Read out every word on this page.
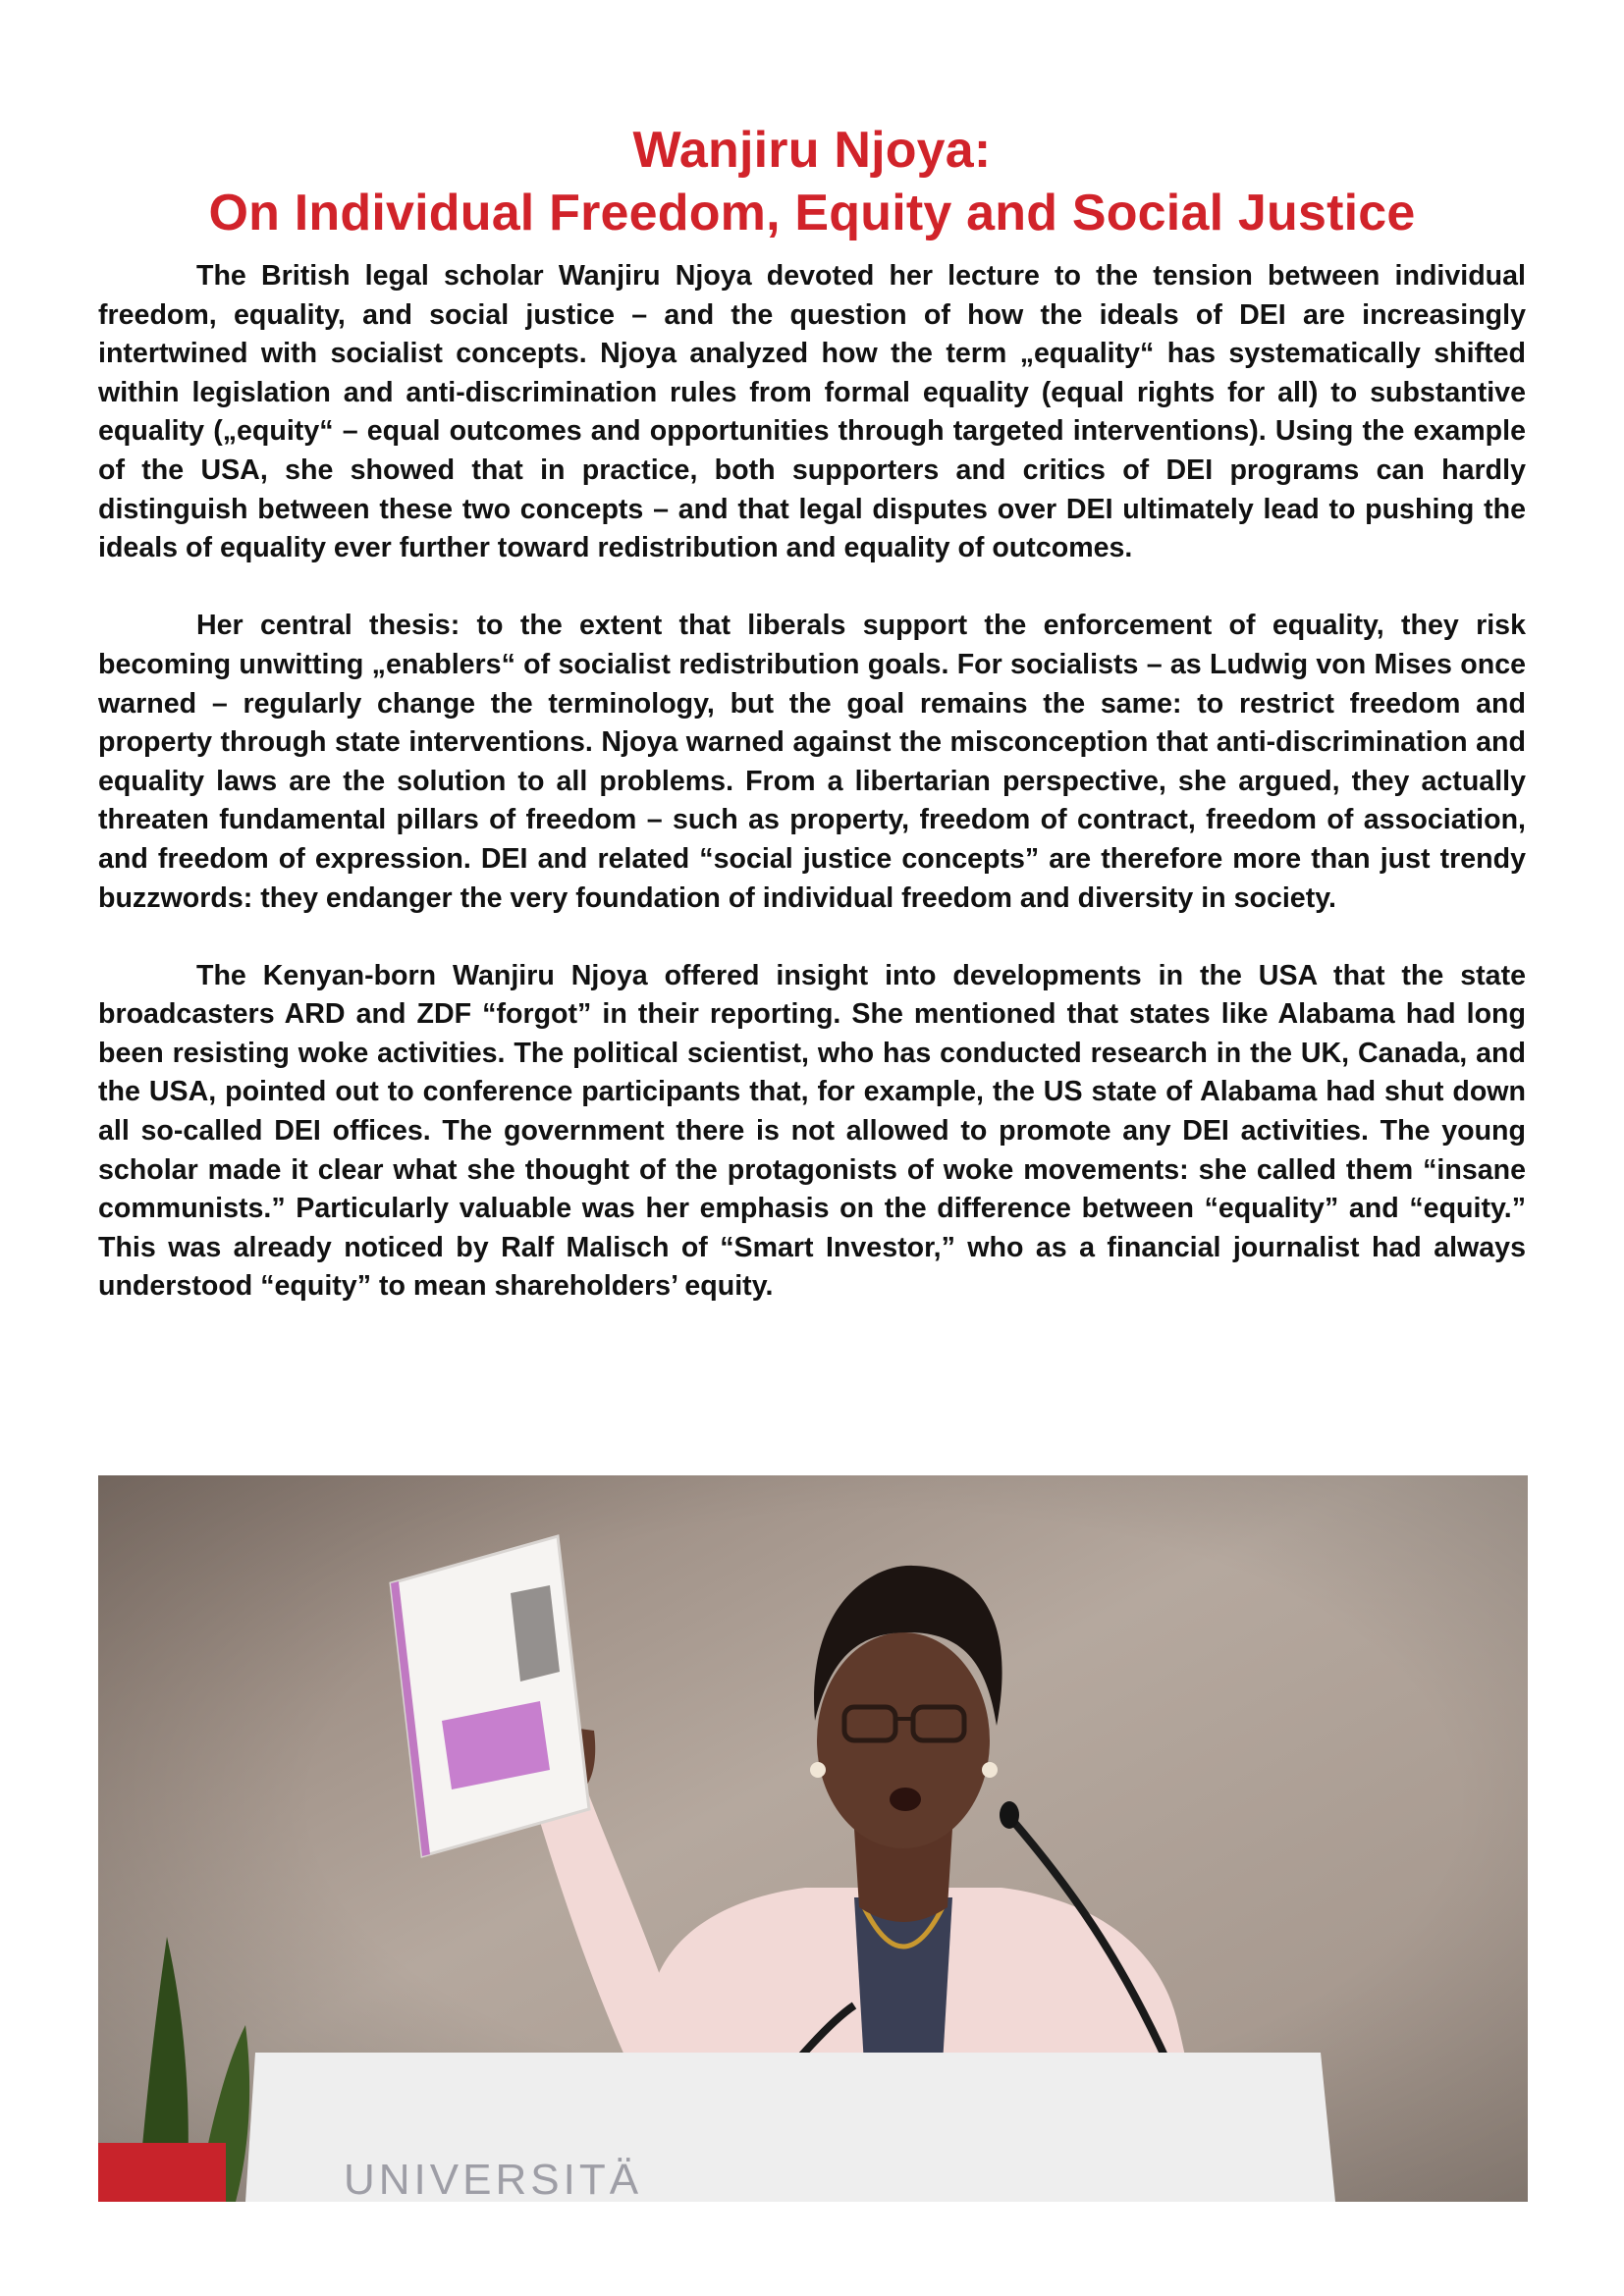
Wanjiru Njoya:
On Individual Freedom, Equity and Social Justice

The British legal scholar Wanjiru Njoya devoted her lecture to the tension between individual freedom, equality, and social justice – and the question of how the ideals of DEI are increasingly intertwined with socialist concepts. Njoya analyzed how the term „equality“ has systematically shifted within legislation and anti-discrimination rules from formal equality (equal rights for all) to substantive equality („equity“ – equal outcomes and opportunities through targeted interventions). Using the example of the USA, she showed that in practice, both supporters and critics of DEI programs can hardly distinguish between these two concepts – and that legal disputes over DEI ultimately lead to pushing the ideals of equality ever further toward redistribution and equality of outcomes.

Her central thesis: to the extent that liberals support the enforcement of equality, they risk becoming unwitting „enablers“ of socialist redistribution goals. For socialists – as Ludwig von Mises once warned – regularly change the terminology, but the goal remains the same: to restrict freedom and property through state interventions. Njoya warned against the misconception that anti-discrimination and equality laws are the solution to all problems. From a libertarian perspective, she argued, they actually threaten fundamental pillars of freedom – such as property, freedom of contract, freedom of association, and freedom of expression. DEI and related “social justice concepts” are therefore more than just trendy buzzwords: they endanger the very foundation of individual freedom and diversity in society.

The Kenyan-born Wanjiru Njoya offered insight into developments in the USA that the state broadcasters ARD and ZDF “forgot” in their reporting. She mentioned that states like Alabama had long been resisting woke activities. The political scientist, who has conducted research in the UK, Canada, and the USA, pointed out to conference participants that, for example, the US state of Alabama had shut down all so-called DEI offices. The government there is not allowed to promote any DEI activities. The young scholar made it clear what she thought of the protagonists of woke movements: she called them “insane communists.” Particularly valuable was her emphasis on the difference between “equality” and “equity.” This was already noticed by Ralf Malisch of “Smart Investor,” who as a financial journalist had always understood “equity” to mean shareholders’ equity.

UNIVERSITÄ
